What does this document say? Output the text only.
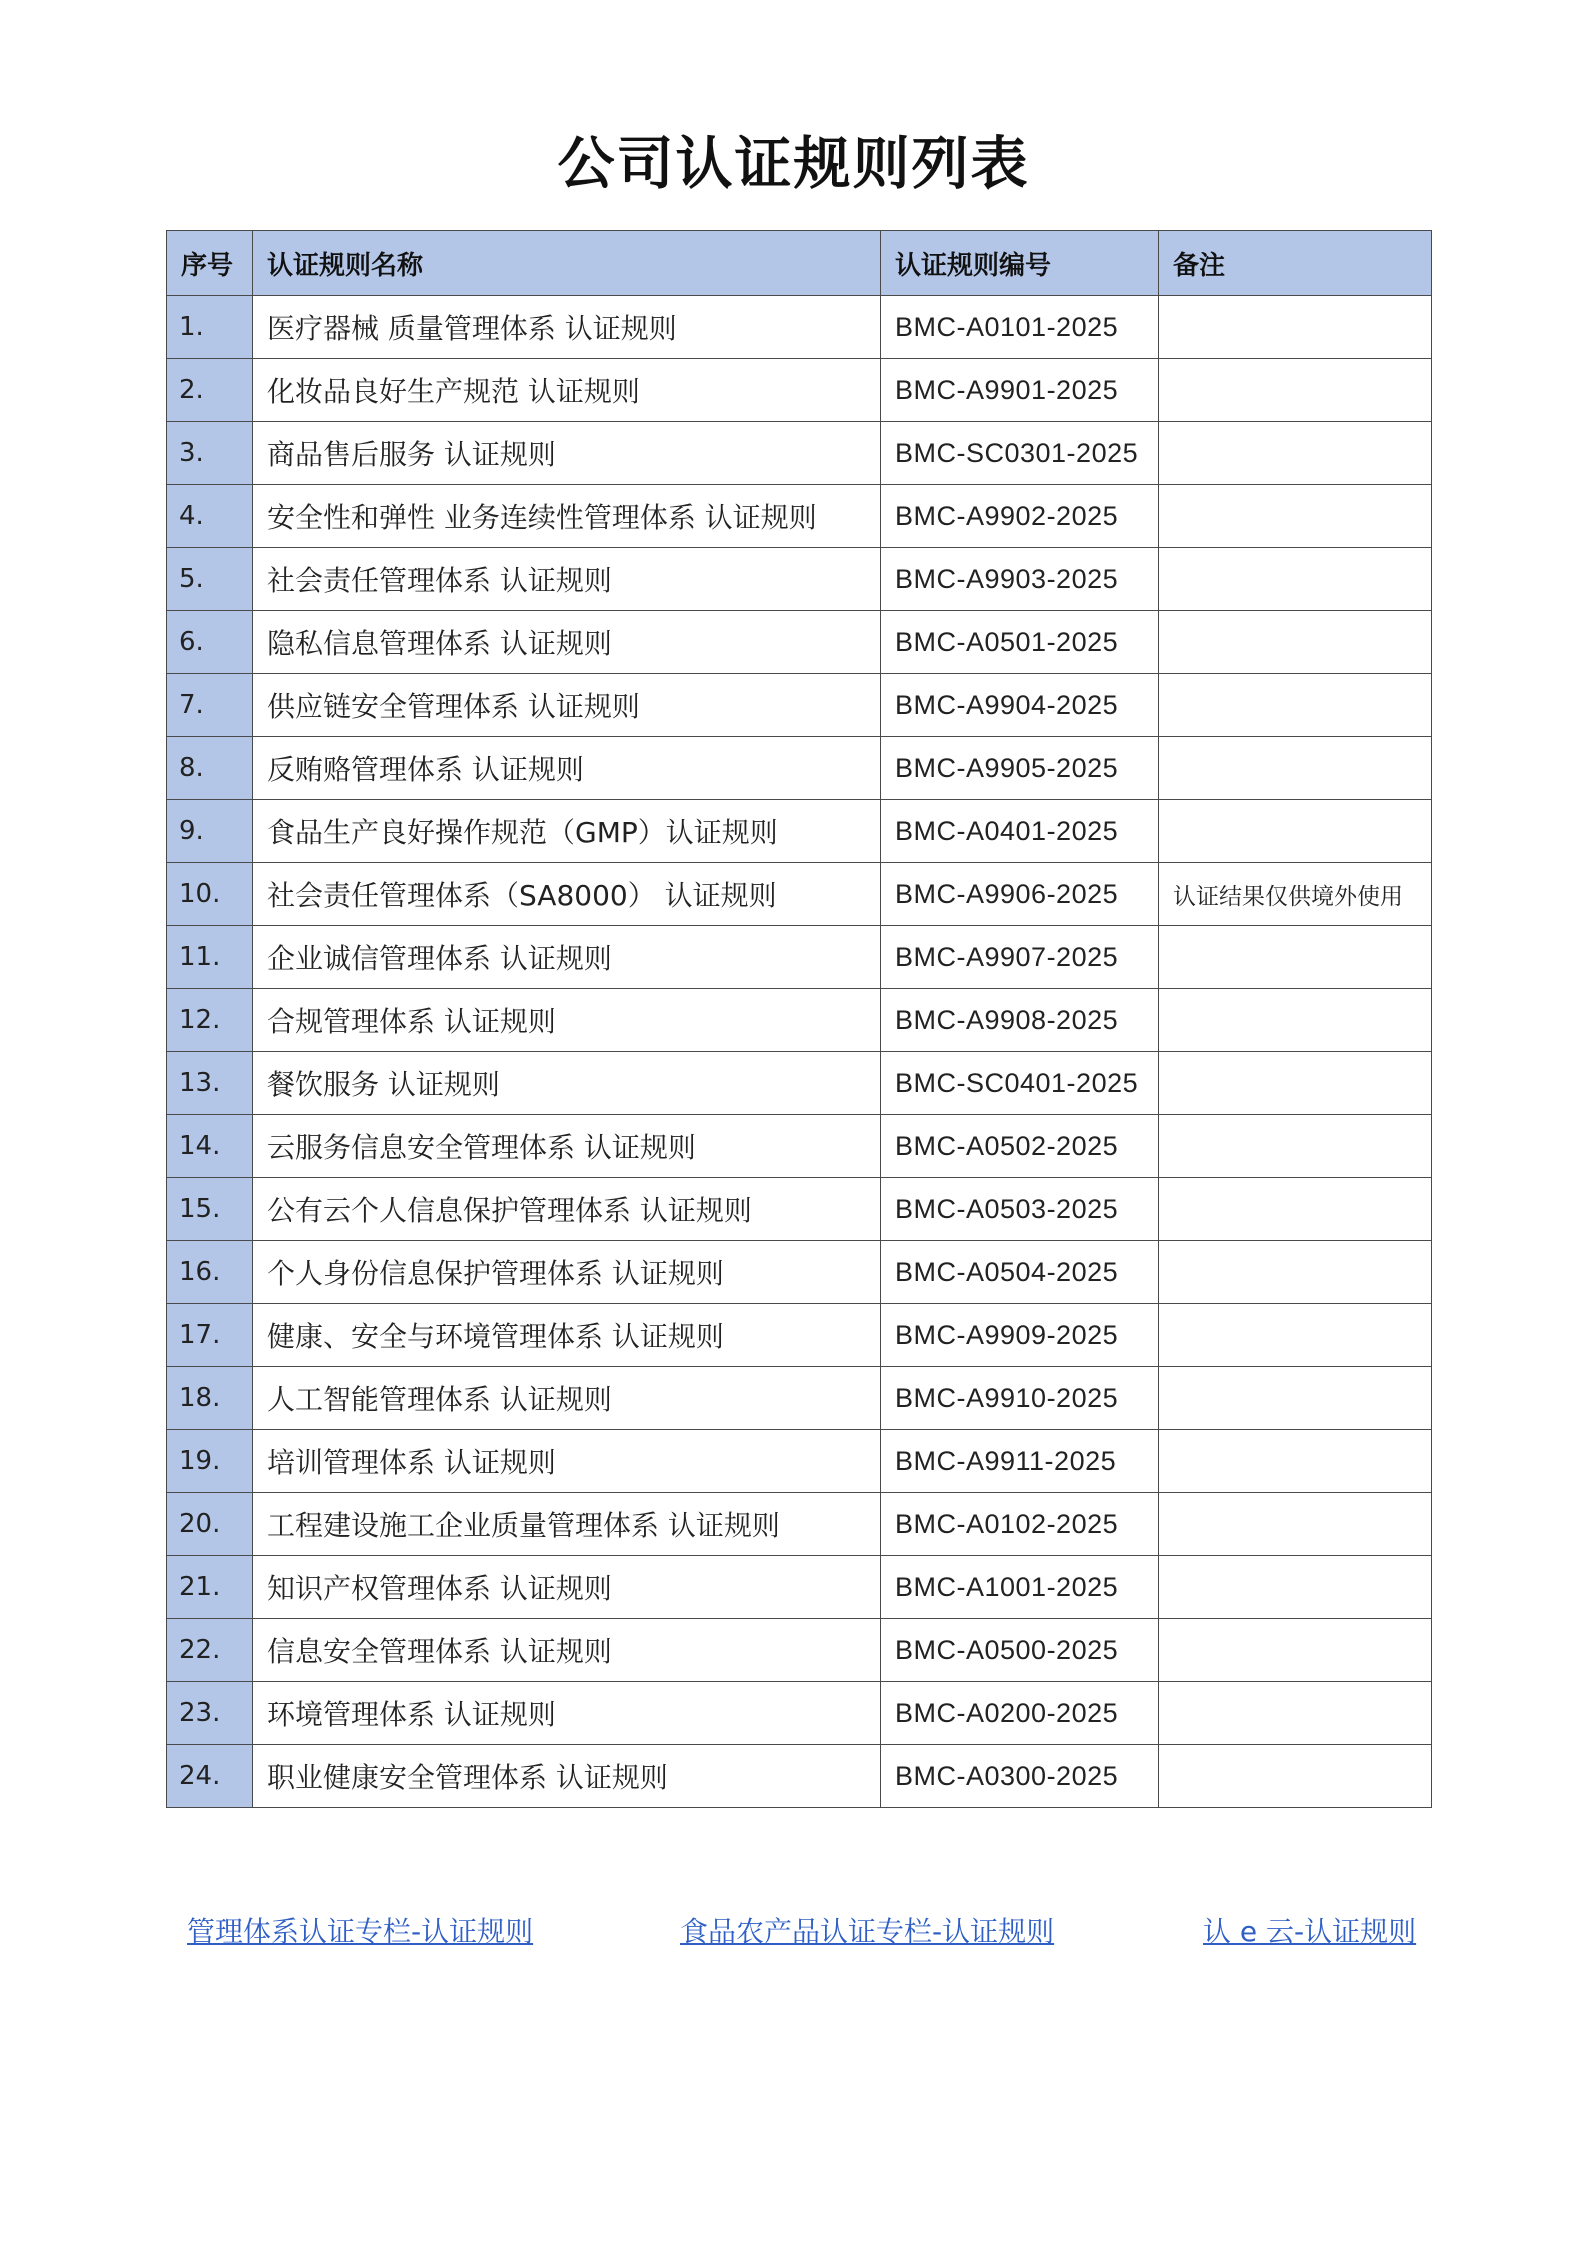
公司认证规则列表
序号	认证规则名称	认证规则编号	备注
1.	医疗器械 质量管理体系 认证规则	BMC-A0101-2025	
2.	化妆品良好生产规范 认证规则	BMC-A9901-2025	
3.	商品售后服务 认证规则	BMC-SC0301-2025	
4.	安全性和弹性 业务连续性管理体系 认证规则	BMC-A9902-2025	
5.	社会责任管理体系 认证规则	BMC-A9903-2025	
6.	隐私信息管理体系 认证规则	BMC-A0501-2025	
7.	供应链安全管理体系 认证规则	BMC-A9904-2025	
8.	反贿赂管理体系 认证规则	BMC-A9905-2025	
9.	食品生产良好操作规范（GMP）认证规则	BMC-A0401-2025	
10.	社会责任管理体系（SA8000） 认证规则	BMC-A9906-2025	认证结果仅供境外使用
11.	企业诚信管理体系 认证规则	BMC-A9907-2025	
12.	合规管理体系 认证规则	BMC-A9908-2025	
13.	餐饮服务 认证规则	BMC-SC0401-2025	
14.	云服务信息安全管理体系 认证规则	BMC-A0502-2025	
15.	公有云个人信息保护管理体系 认证规则	BMC-A0503-2025	
16.	个人身份信息保护管理体系 认证规则	BMC-A0504-2025	
17.	健康、安全与环境管理体系 认证规则	BMC-A9909-2025	
18.	人工智能管理体系 认证规则	BMC-A9910-2025	
19.	培训管理体系 认证规则	BMC-A9911-2025	
20.	工程建设施工企业质量管理体系 认证规则	BMC-A0102-2025	
21.	知识产权管理体系 认证规则	BMC-A1001-2025	
22.	信息安全管理体系 认证规则	BMC-A0500-2025	
23.	环境管理体系 认证规则	BMC-A0200-2025	
24.	职业健康安全管理体系 认证规则	BMC-A0300-2025	
管理体系认证专栏-认证规则	食品农产品认证专栏-认证规则	认 e 云-认证规则
